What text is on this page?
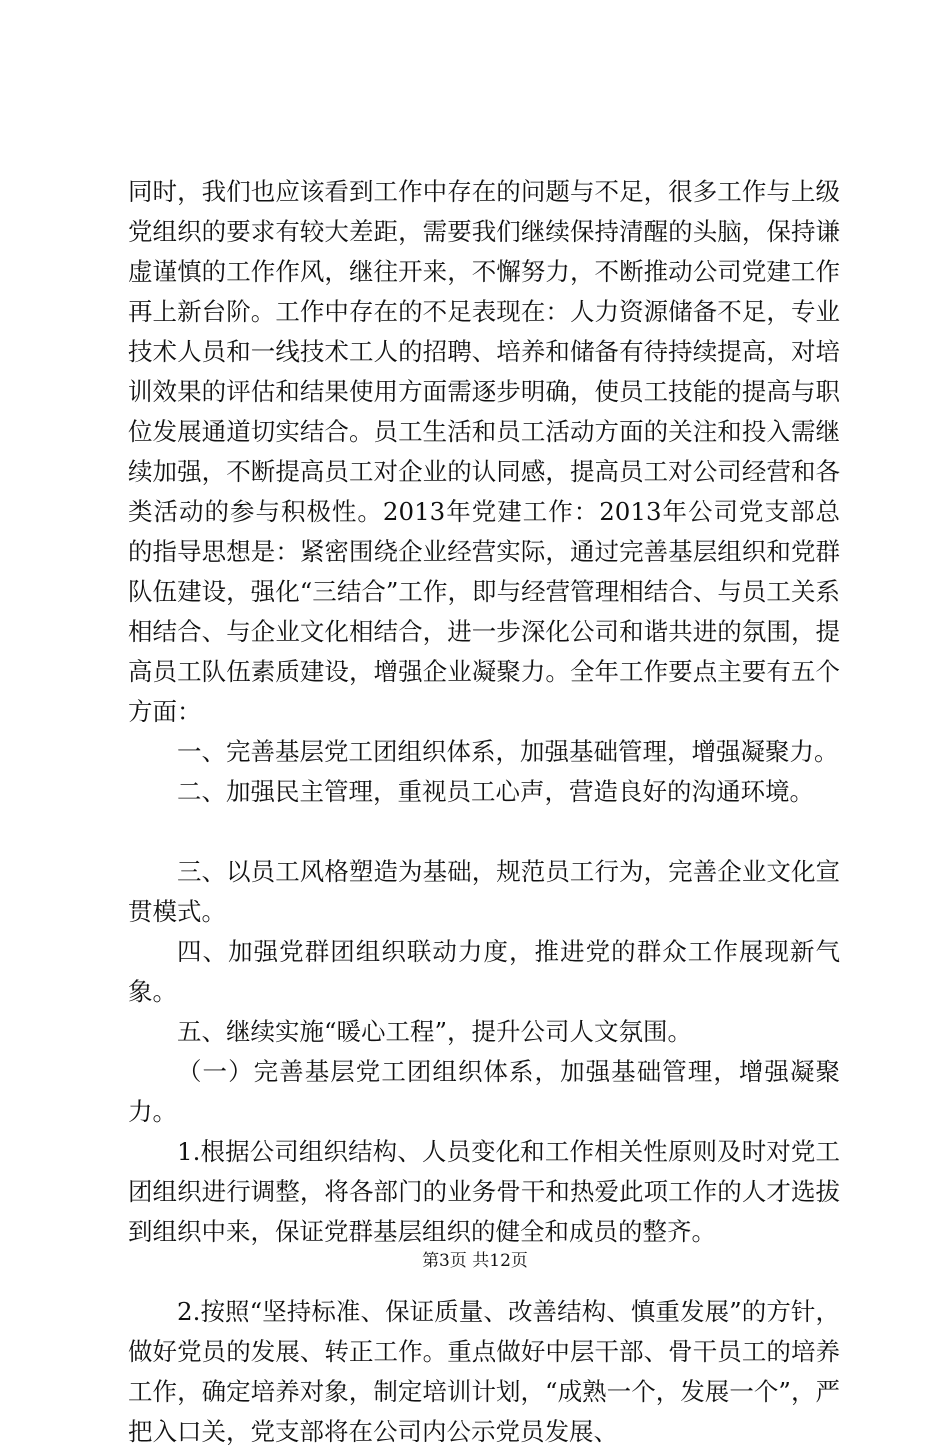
同时，我们也应该看到工作中存在的问题与不足，很多工作与上级党组织的要求有较大差距，需要我们继续保持清醒的头脑，保持谦虚谨慎的工作作风，继往开来，不懈努力，不断推动公司党建工作再上新台阶。工作中存在的不足表现在：人力资源储备不足，专业技术人员和一线技术工人的招聘、培养和储备有待持续提高，对培训效果的评估和结果使用方面需逐步明确，使员工技能的提高与职位发展通道切实结合。员工生活和员工活动方面的关注和投入需继续加强，不断提高员工对企业的认同感，提高员工对公司经营和各类活动的参与积极性。2013年党建工作：2013年公司党支部总的指导思想是：紧密围绕企业经营实际，通过完善基层组织和党群队伍建设，强化“三结合”工作，即与经营管理相结合、与员工关系相结合、与企业文化相结合，进一步深化公司和谐共进的氛围，提高员工队伍素质建设，增强企业凝聚力。全年工作要点主要有五个方面：

一、完善基层党工团组织体系，加强基础管理，增强凝聚力。

二、加强民主管理，重视员工心声，营造良好的沟通环境。

三、以员工风格塑造为基础，规范员工行为，完善企业文化宣贯模式。

四、加强党群团组织联动力度，推进党的群众工作展现新气象。

五、继续实施“暖心工程”，提升公司人文氛围。

（一）完善基层党工团组织体系，加强基础管理，增强凝聚力。

1.根据公司组织结构、人员变化和工作相关性原则及时对党工团组织进行调整，将各部门的业务骨干和热爱此项工作的人才选拔到组织中来，保证党群基层组织的健全和成员的整齐。

2.按照“坚持标准、保证质量、改善结构、慎重发展”的方针，做好党员的发展、转正工作。重点做好中层干部、骨干员工的培养工作，确定培养对象，制定培训计划，“成熟一个，发展一个”，严把入口关，党支部将在公司内公示党员发展、

第3页 共12页
